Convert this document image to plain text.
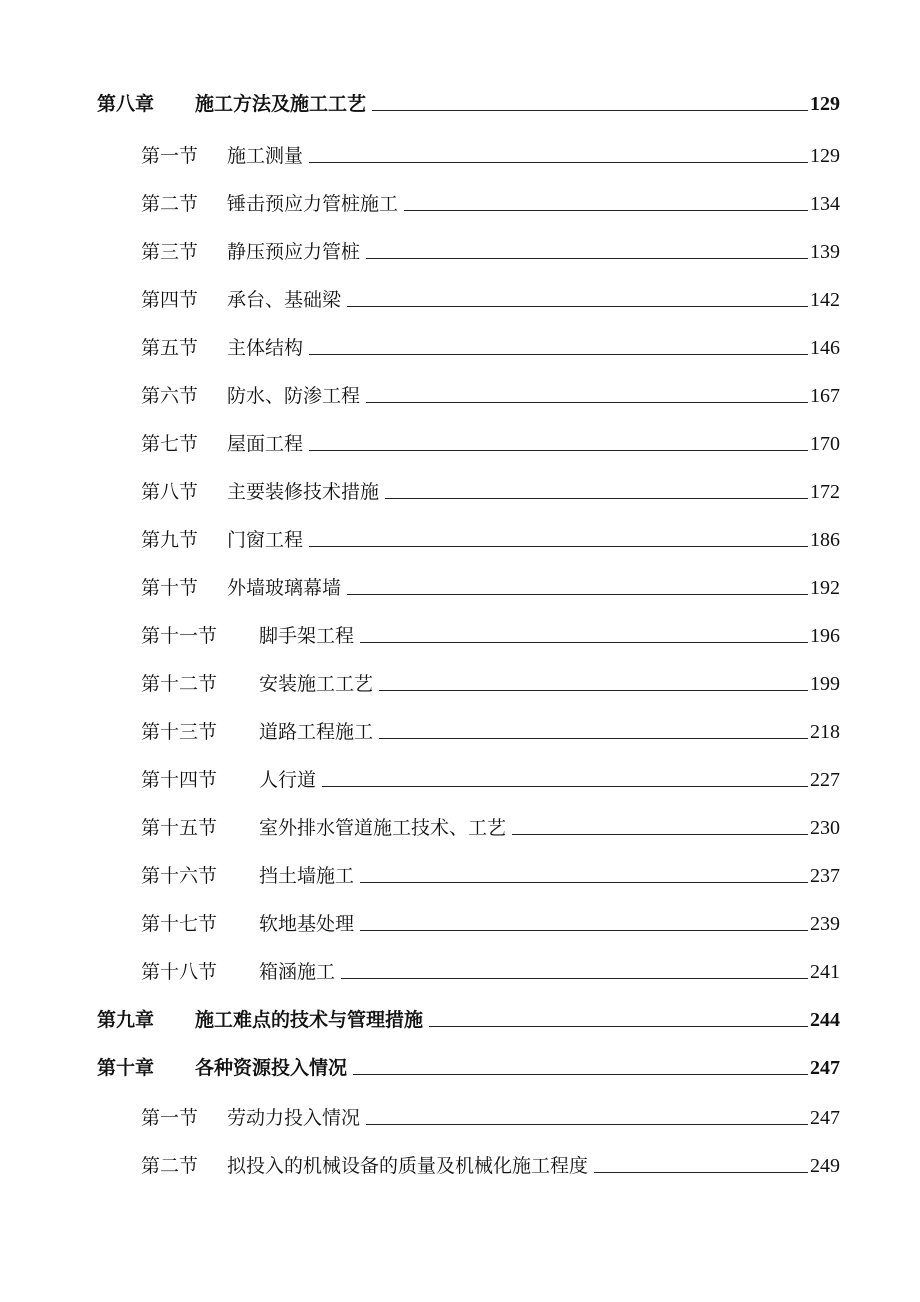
第八章	施工方法及施工工艺	129
第一节	施工测量	129
第二节	锤击预应力管桩施工	134
第三节	静压预应力管桩	139
第四节	承台、基础梁	142
第五节	主体结构	146
第六节	防水、防渗工程	167
第七节	屋面工程	170
第八节	主要装修技术措施	172
第九节	门窗工程	186
第十节	外墙玻璃幕墙	192
第十一节	脚手架工程	196
第十二节	安装施工工艺	199
第十三节	道路工程施工	218
第十四节	人行道	227
第十五节	室外排水管道施工技术、工艺	230
第十六节	挡土墙施工	237
第十七节	软地基处理	239
第十八节	箱涵施工	241
第九章	施工难点的技术与管理措施	244
第十章	各种资源投入情况	247
第一节	劳动力投入情况	247
第二节	拟投入的机械设备的质量及机械化施工程度	249
